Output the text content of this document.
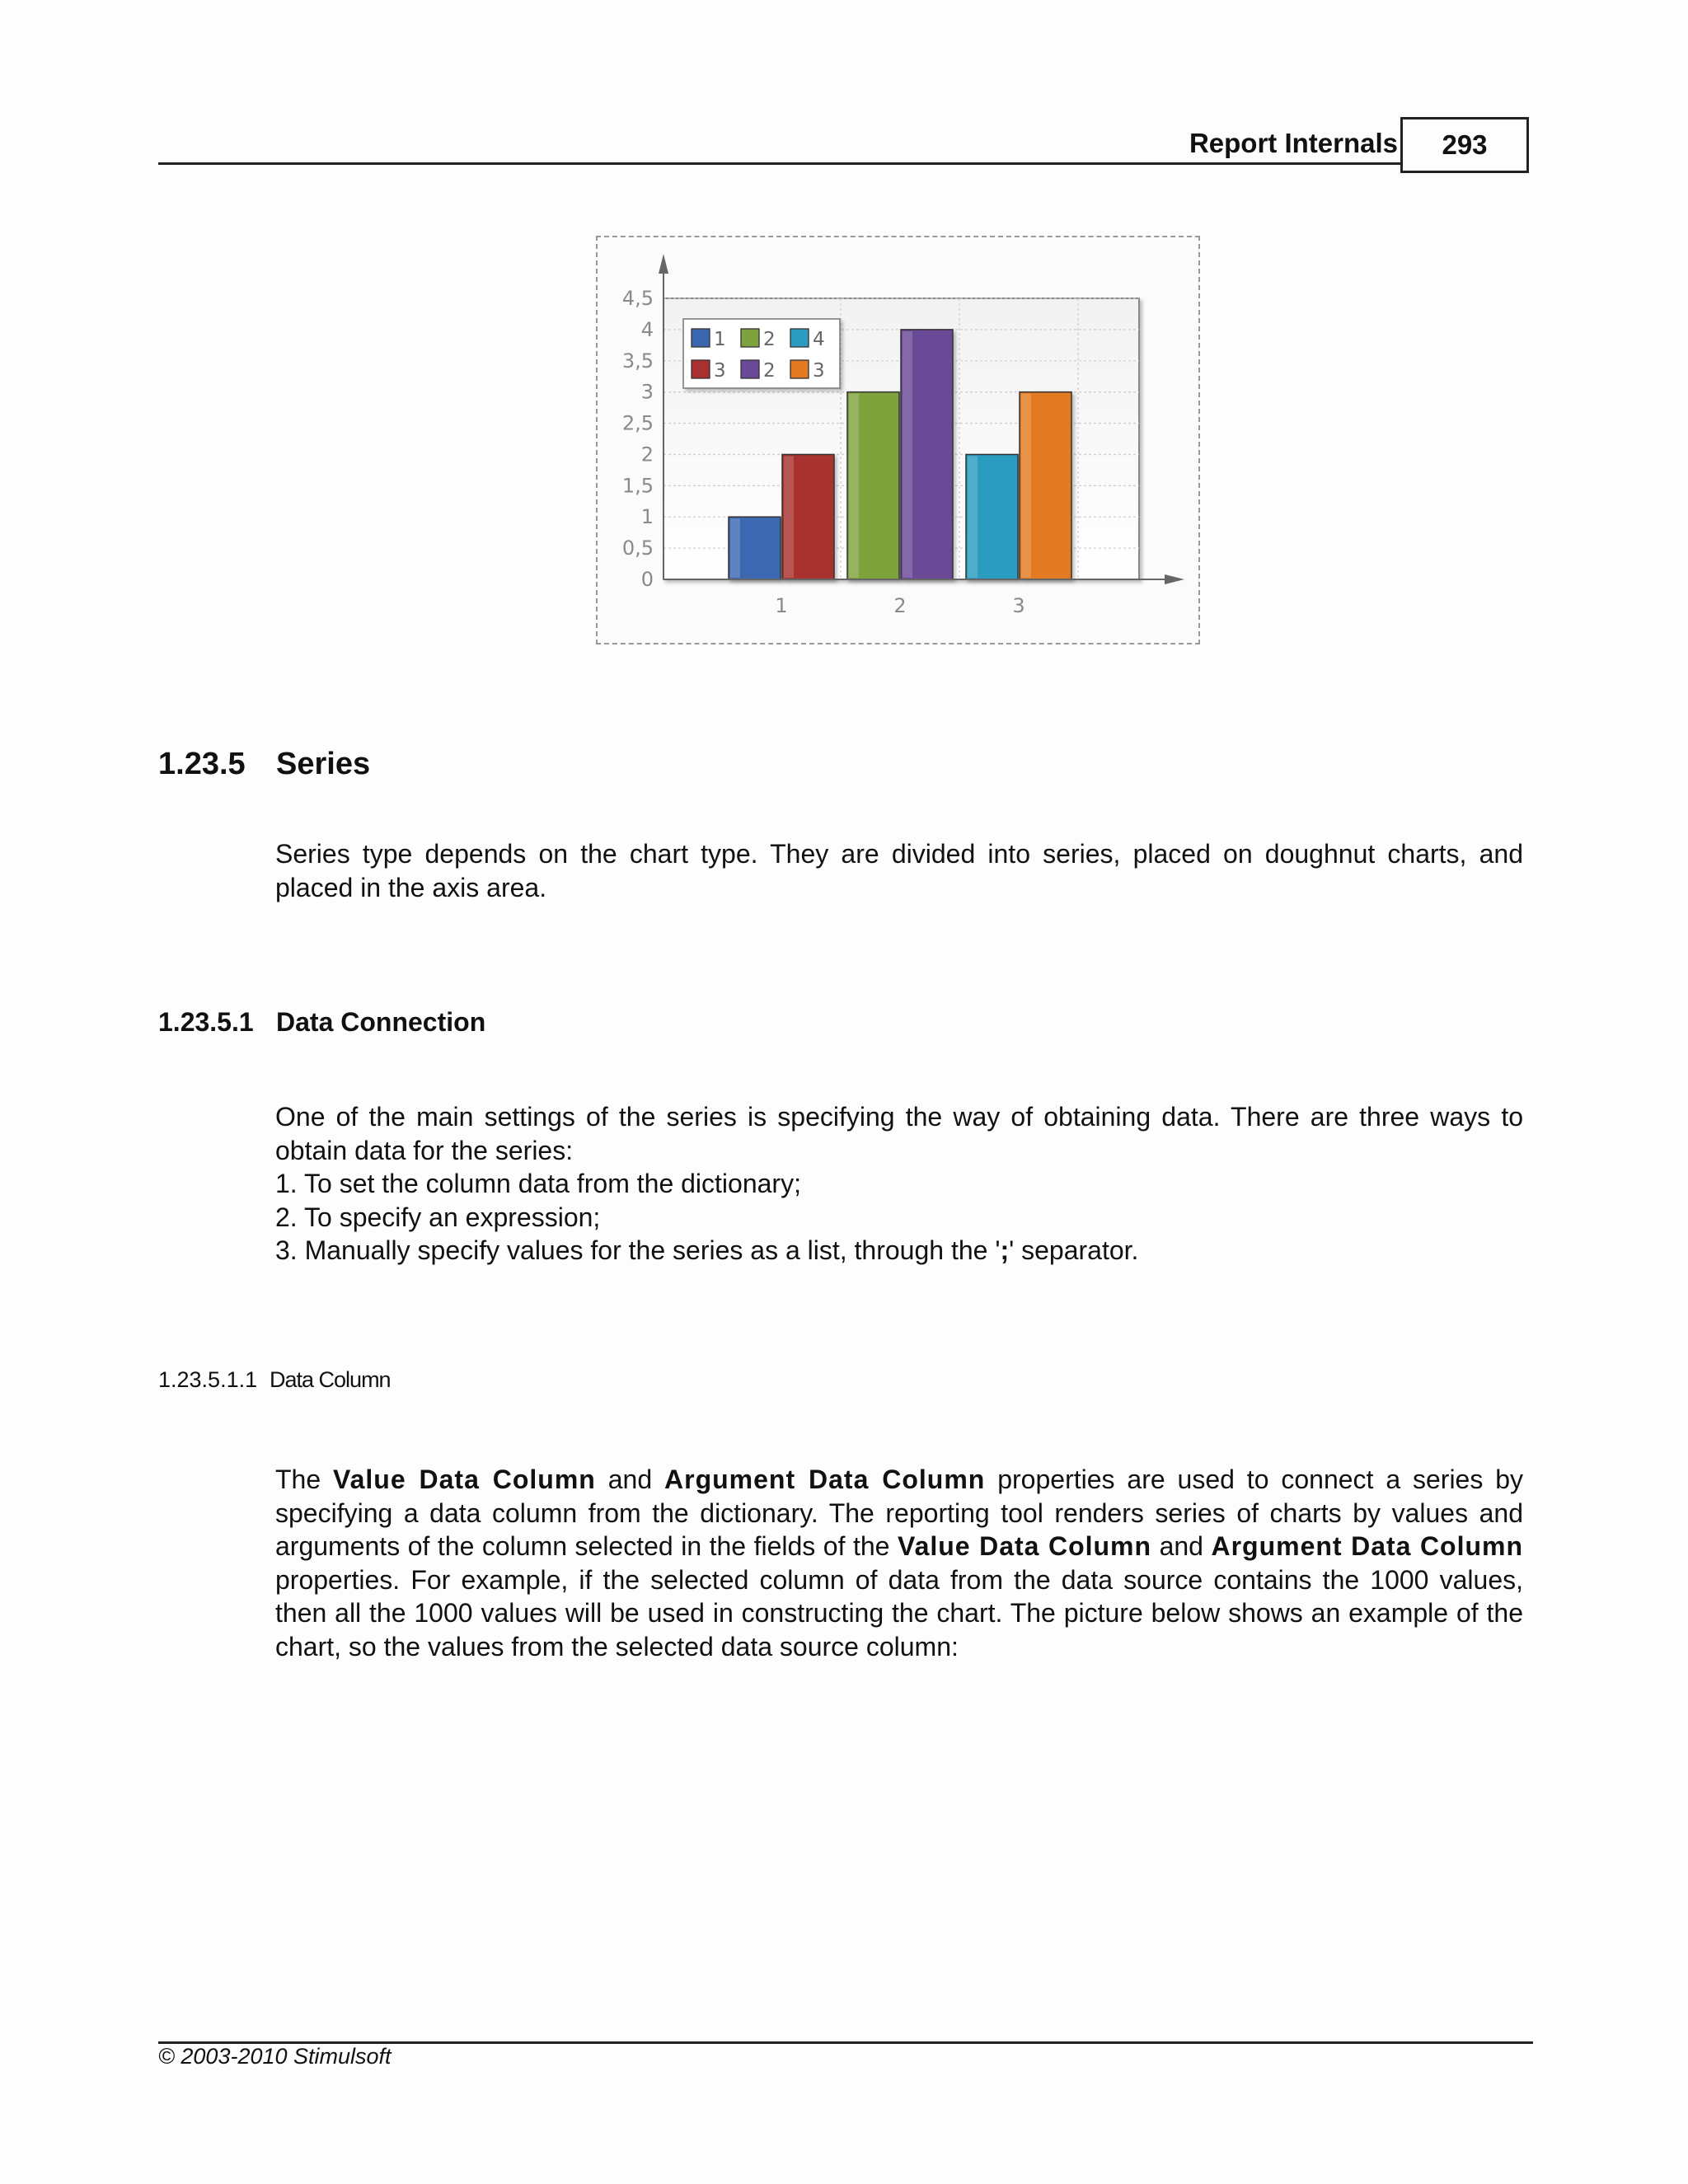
Report Internals	293
0
0,5
1
1,5
2
2,5
3
3,5
4
4,5
1	2	3
1 2 4
3 2 3
1.23.5 Series

Series type depends on the chart type. They are divided into series, placed on doughnut charts, and placed in the axis area.

1.23.5.1 Data Connection

One of the main settings of the series is specifying the way of obtaining data. There are three ways to obtain data for the series:

1. To set the column data from the dictionary;

2. To specify an expression;

3. Manually specify values for the series as a list, through the ';' separator.

1.23.5.1.1 Data Column

The Value Data Column and Argument Data Column properties are used to connect a series by specifying a data column from the dictionary. The reporting tool renders series of charts by values and arguments of the column selected in the fields of the Value Data Column and Argument Data Column properties. For example, if the selected column of data from the data source contains the 1000 values, then all the 1000 values will be used in constructing the chart. The picture below shows an example of the chart, so the values from the selected data source column:

© 2003-2010 Stimulsoft
